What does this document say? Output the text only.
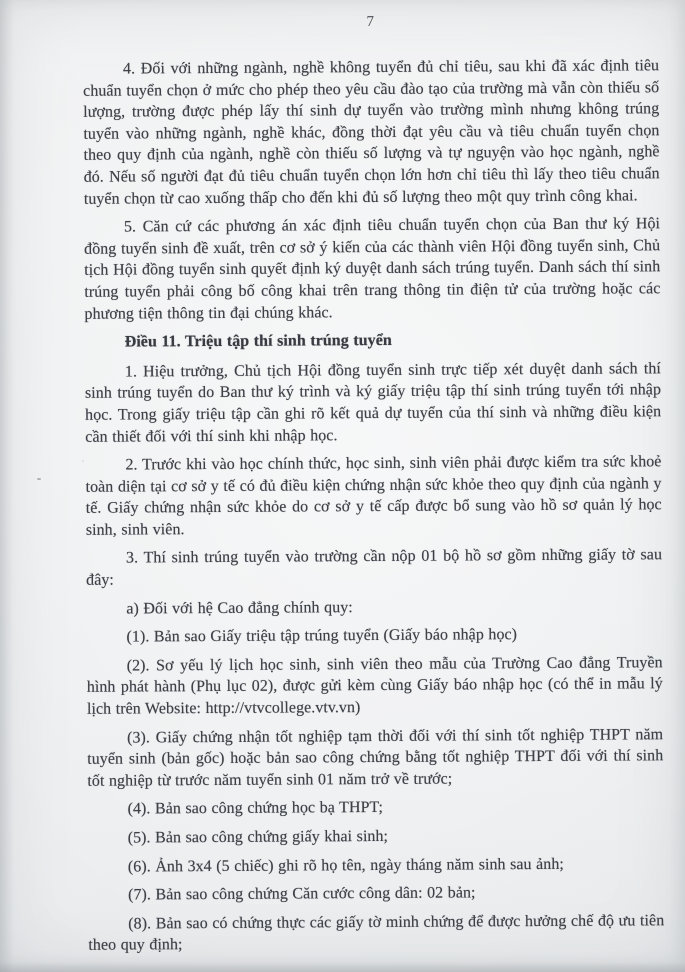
7

4. Đối với những ngành, nghề không tuyển đủ chỉ tiêu, sau khi đã xác định tiêu chuẩn tuyển chọn ở mức cho phép theo yêu cầu đào tạo của trường mà vẫn còn thiếu số lượng, trường được phép lấy thí sinh dự tuyển vào trường mình nhưng không trúng tuyển vào những ngành, nghề khác, đồng thời đạt yêu cầu và tiêu chuẩn tuyển chọn theo quy định của ngành, nghề còn thiếu số lượng và tự nguyện vào học ngành, nghề đó. Nếu số người đạt đủ tiêu chuẩn tuyển chọn lớn hơn chỉ tiêu thì lấy theo tiêu chuẩn tuyển chọn từ cao xuống thấp cho đến khi đủ số lượng theo một quy trình công khai.

5. Căn cứ các phương án xác định tiêu chuẩn tuyển chọn của Ban thư ký Hội đồng tuyển sinh đề xuất, trên cơ sở ý kiến của các thành viên Hội đồng tuyển sinh, Chủ tịch Hội đồng tuyển sinh quyết định ký duyệt danh sách trúng tuyển. Danh sách thí sinh trúng tuyển phải công bố công khai trên trang thông tin điện tử của trường hoặc các phương tiện thông tin đại chúng khác.

Điều 11. Triệu tập thí sinh trúng tuyển

1. Hiệu trưởng, Chủ tịch Hội đồng tuyển sinh trực tiếp xét duyệt danh sách thí sinh trúng tuyển do Ban thư ký trình và ký giấy triệu tập thí sinh trúng tuyển tới nhập học. Trong giấy triệu tập cần ghi rõ kết quả dự tuyển của thí sinh và những điều kiện cần thiết đối với thí sinh khi nhập học.

2. Trước khi vào học chính thức, học sinh, sinh viên phải được kiểm tra sức khoẻ toàn diện tại cơ sở y tế có đủ điều kiện chứng nhận sức khỏe theo quy định của ngành y tế. Giấy chứng nhận sức khỏe do cơ sở y tế cấp được bổ sung vào hồ sơ quản lý học sinh, sinh viên.

3. Thí sinh trúng tuyển vào trường cần nộp 01 bộ hồ sơ gồm những giấy tờ sau đây:

a) Đối với hệ Cao đẳng chính quy:

(1). Bản sao Giấy triệu tập trúng tuyển (Giấy báo nhập học)

(2). Sơ yếu lý lịch học sinh, sinh viên theo mẫu của Trường Cao đẳng Truyền hình phát hành (Phụ lục 02), được gửi kèm cùng Giấy báo nhập học (có thể in mẫu lý lịch trên Website: http://vtvcollege.vtv.vn)

(3). Giấy chứng nhận tốt nghiệp tạm thời đối với thí sinh tốt nghiệp THPT năm tuyển sinh (bản gốc) hoặc bản sao công chứng bằng tốt nghiệp THPT đối với thí sinh tốt nghiệp từ trước năm tuyển sinh 01 năm trở về trước;

(4). Bản sao công chứng học bạ THPT;

(5). Bản sao công chứng giấy khai sinh;

(6). Ảnh 3x4 (5 chiếc) ghi rõ họ tên, ngày tháng năm sinh sau ảnh;

(7). Bản sao công chứng Căn cước công dân: 02 bản;

(8). Bản sao có chứng thực các giấy tờ minh chứng để được hưởng chế độ ưu tiên theo quy định;
